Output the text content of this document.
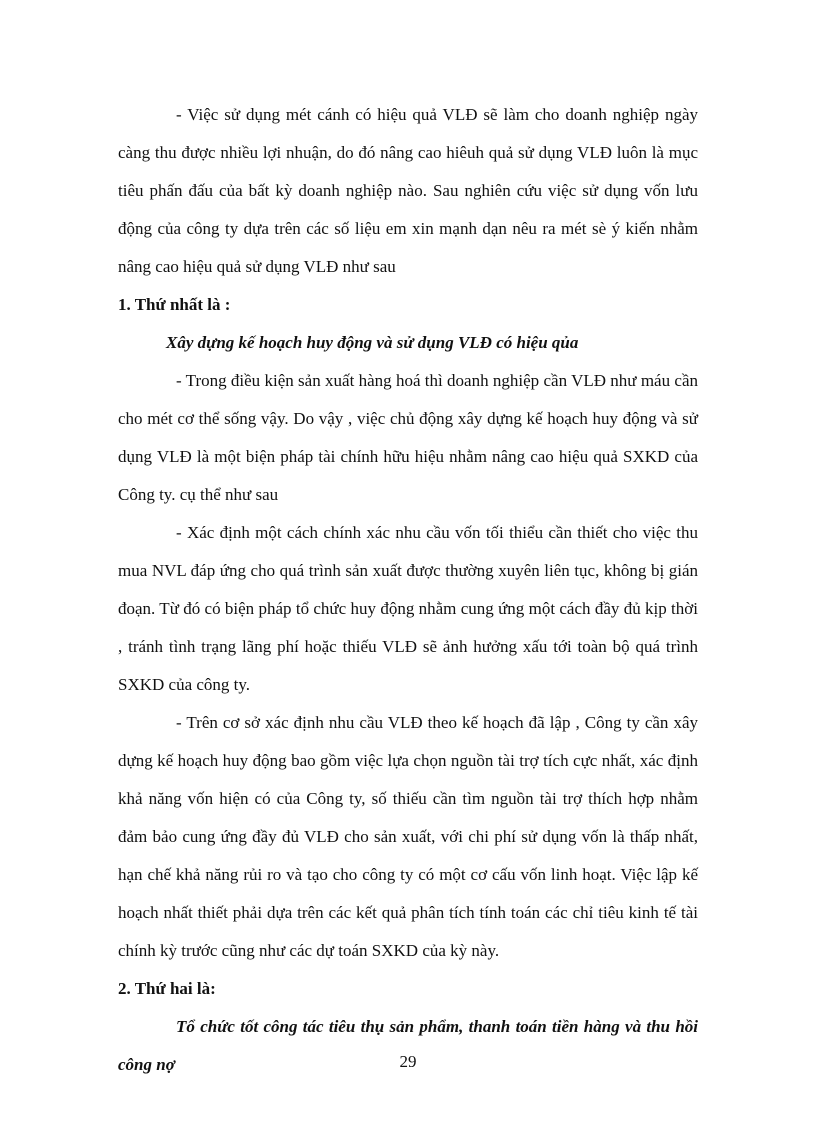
- Việc sử dụng mét cánh có hiệu quả VLĐ sẽ làm cho doanh nghiệp ngày càng thu được nhiều lợi nhuận, do đó nâng cao hiêuh quả sử dụng VLĐ luôn là mục tiêu phấn đấu của bất kỳ doanh nghiệp nào. Sau nghiên cứu việc sử dụng vốn lưu động của công ty dựa trên các số liệu em xin mạnh dạn nêu ra mét sè ý kiến nhằm nâng cao hiệu quả sử dụng VLĐ như sau

1. Thứ nhất là :

Xây dựng kế hoạch huy động và sử dụng VLĐ có hiệu qủa

- Trong điều kiện sản xuất hàng hoá thì doanh nghiệp cần VLĐ như máu cần cho mét cơ thể sống vậy. Do vậy , việc chủ động xây dựng kế hoạch huy động và sử dụng VLĐ là một biện pháp tài chính hữu hiệu nhằm nâng cao hiệu quả SXKD của Công ty. cụ thể như sau

- Xác định một cách chính xác nhu cầu vốn tối thiểu cần thiết cho việc thu mua NVL đáp ứng cho quá trình sản xuất được thường xuyên liên tục, không bị gián đoạn. Từ đó có biện pháp tổ chức huy động nhằm cung ứng một cách đầy đủ kịp thời , tránh tình trạng lãng phí hoặc thiếu VLĐ sẽ ảnh hưởng xấu tới toàn bộ quá trình SXKD của công ty.

- Trên cơ sở xác định nhu cầu VLĐ theo kế hoạch đã lập , Công ty cần xây dựng kế hoạch huy động bao gồm việc lựa chọn nguồn tài trợ tích cực nhất, xác định khả năng vốn hiện có của Công ty, số thiếu cần tìm nguồn tài trợ thích hợp nhằm đảm bảo cung ứng đầy đủ VLĐ cho sản xuất, với chi phí sử dụng vốn là thấp nhất, hạn chế khả năng rủi ro và tạo cho công ty có một cơ cấu vốn linh hoạt. Việc lập kế hoạch nhất thiết phải dựa trên các kết quả phân tích tính toán các chỉ tiêu kinh tế tài chính kỳ trước cũng như các dự toán SXKD của kỳ này.

2. Thứ hai là:

Tổ chức tốt công tác tiêu thụ sản phẩm, thanh toán tiền hàng và thu hồi công nợ	29
